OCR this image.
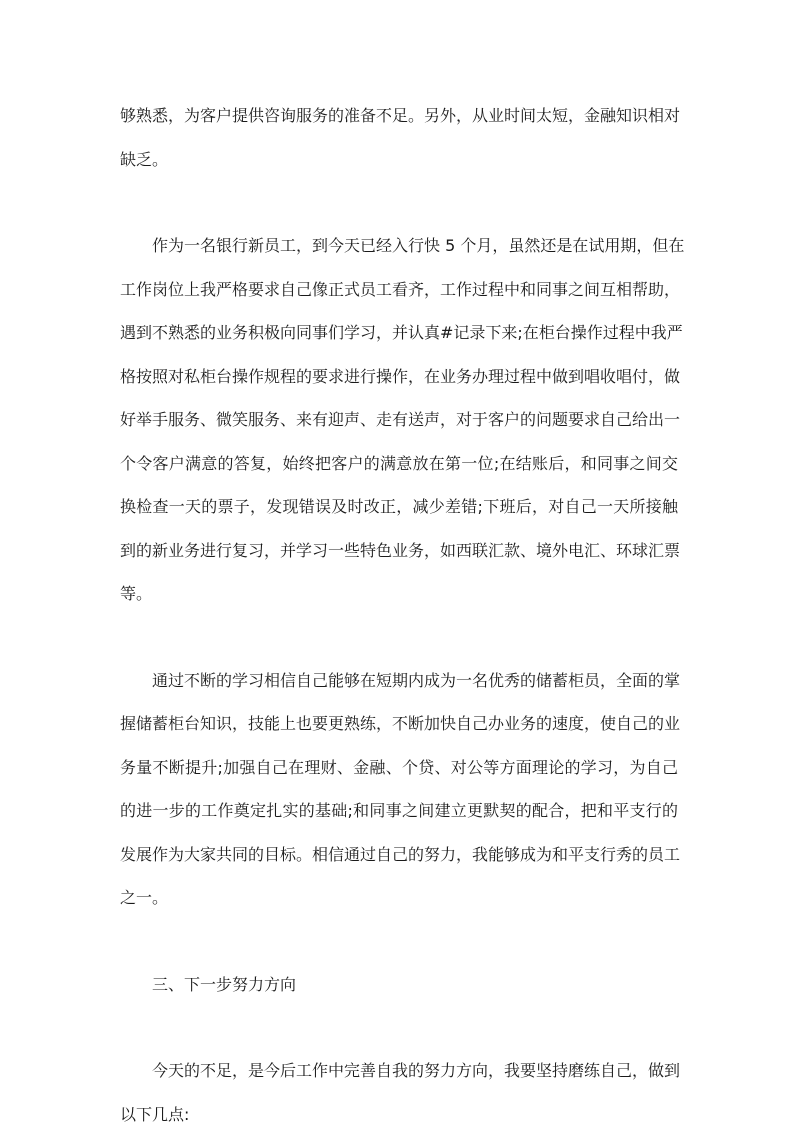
够熟悉，为客户提供咨询服务的准备不足。另外，从业时间太短，金融知识相对
缺乏。

作为一名银行新员工，到今天已经入行快 5 个月，虽然还是在试用期，但在
工作岗位上我严格要求自己像正式员工看齐，工作过程中和同事之间互相帮助，
遇到不熟悉的业务积极向同事们学习，并认真#记录下来;在柜台操作过程中我严
格按照对私柜台操作规程的要求进行操作，在业务办理过程中做到唱收唱付，做
好举手服务、微笑服务、来有迎声、走有送声，对于客户的问题要求自己给出一
个令客户满意的答复，始终把客户的满意放在第一位;在结账后，和同事之间交
换检查一天的票子，发现错误及时改正，减少差错;下班后，对自己一天所接触
到的新业务进行复习，并学习一些特色业务，如西联汇款、境外电汇、环球汇票
等。

通过不断的学习相信自己能够在短期内成为一名优秀的储蓄柜员，全面的掌
握储蓄柜台知识，技能上也要更熟练，不断加快自己办业务的速度，使自己的业
务量不断提升;加强自己在理财、金融、个贷、对公等方面理论的学习，为自己
的进一步的工作奠定扎实的基础;和同事之间建立更默契的配合，把和平支行的
发展作为大家共同的目标。相信通过自己的努力，我能够成为和平支行秀的员工
之一。

三、下一步努力方向

今天的不足，是今后工作中完善自我的努力方向，我要坚持磨练自己，做到
以下几点:
